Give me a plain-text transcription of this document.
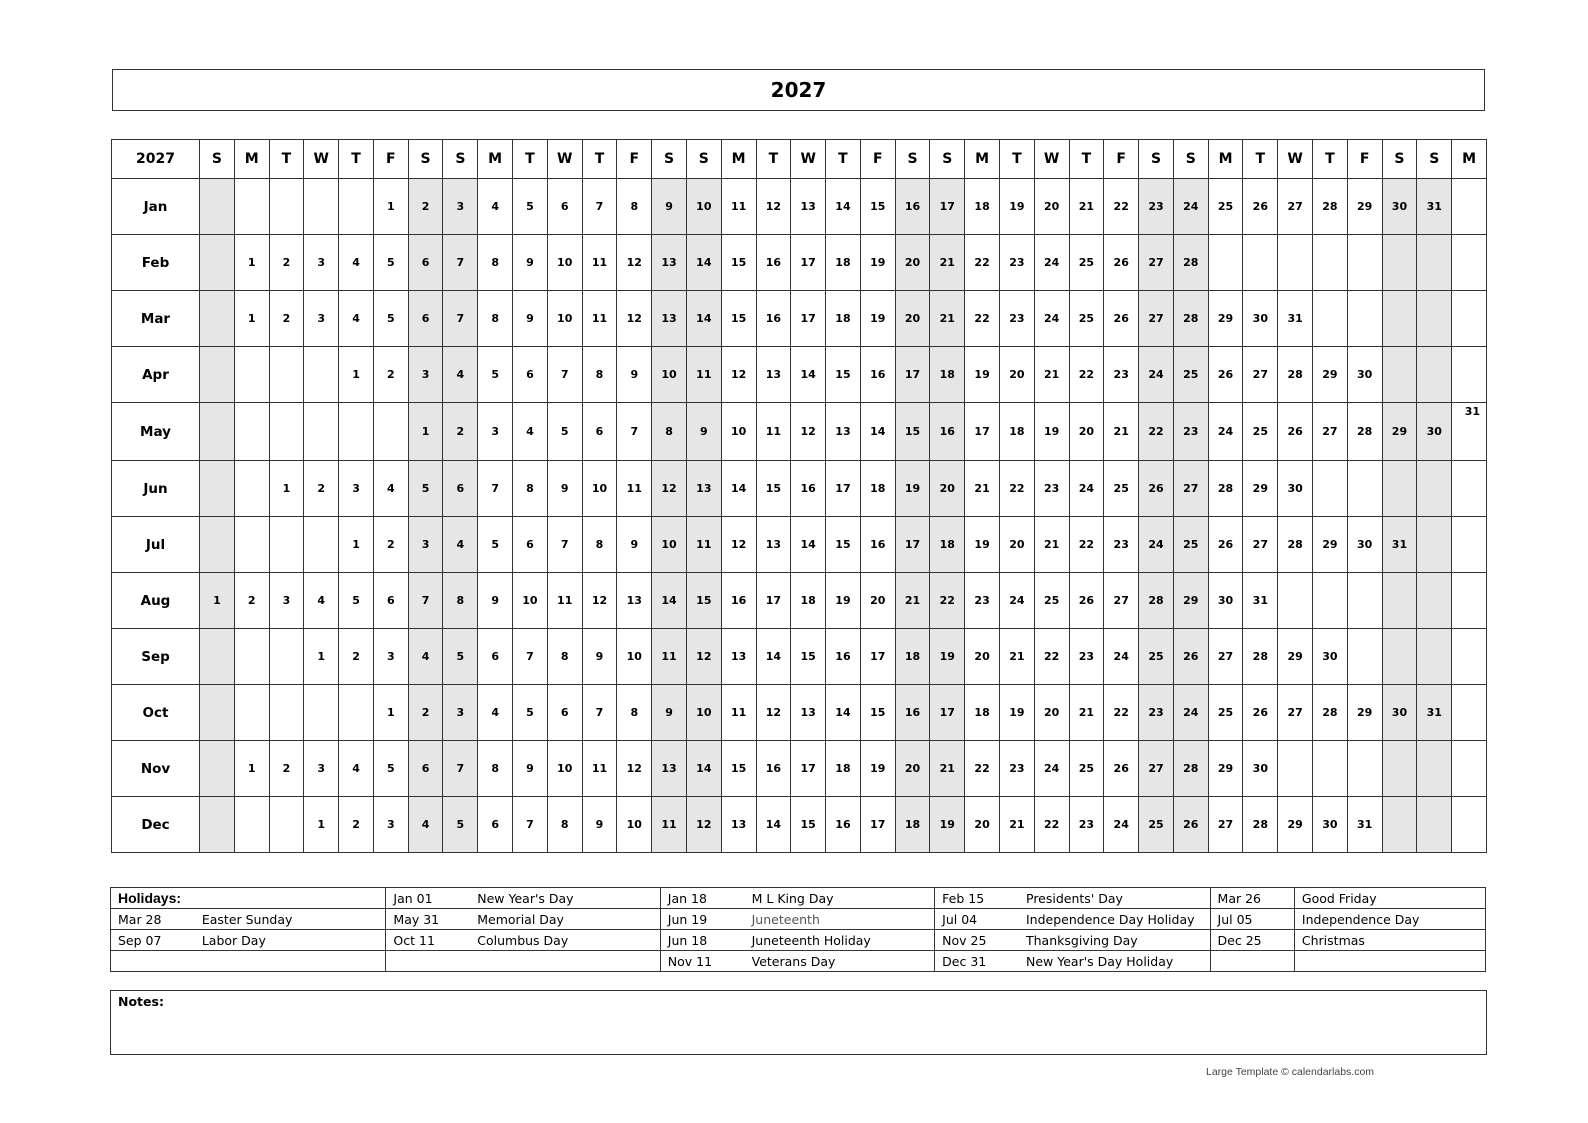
2027
2027	S	M	T	W	T	F	S	S	M	T	W	T	F	S	S	M	T	W	T	F	S	S	M	T	W	T	F	S	S	M	T	W	T	F	S	S	M
Jan						1	2	3	4	5	6	7	8	9	10	11	12	13	14	15	16	17	18	19	20	21	22	23	24	25	26	27	28	29	30	31	
Feb		1	2	3	4	5	6	7	8	9	10	11	12	13	14	15	16	17	18	19	20	21	22	23	24	25	26	27	28								
Mar		1	2	3	4	5	6	7	8	9	10	11	12	13	14	15	16	17	18	19	20	21	22	23	24	25	26	27	28	29	30	31					
Apr					1	2	3	4	5	6	7	8	9	10	11	12	13	14	15	16	17	18	19	20	21	22	23	24	25	26	27	28	29	30			
May							1	2	3	4	5	6	7	8	9	10	11	12	13	14	15	16	17	18	19	20	21	22	23	24	25	26	27	28	29	30	31
Jun			1	2	3	4	5	6	7	8	9	10	11	12	13	14	15	16	17	18	19	20	21	22	23	24	25	26	27	28	29	30					
Jul					1	2	3	4	5	6	7	8	9	10	11	12	13	14	15	16	17	18	19	20	21	22	23	24	25	26	27	28	29	30	31		
Aug	1	2	3	4	5	6	7	8	9	10	11	12	13	14	15	16	17	18	19	20	21	22	23	24	25	26	27	28	29	30	31						
Sep				1	2	3	4	5	6	7	8	9	10	11	12	13	14	15	16	17	18	19	20	21	22	23	24	25	26	27	28	29	30				
Oct						1	2	3	4	5	6	7	8	9	10	11	12	13	14	15	16	17	18	19	20	21	22	23	24	25	26	27	28	29	30	31	
Nov		1	2	3	4	5	6	7	8	9	10	11	12	13	14	15	16	17	18	19	20	21	22	23	24	25	26	27	28	29	30						
Dec				1	2	3	4	5	6	7	8	9	10	11	12	13	14	15	16	17	18	19	20	21	22	23	24	25	26	27	28	29	30	31			
Holidays:		Jan 01	New Year's Day	Jan 18	M L King Day	Feb 15	Presidents' Day	Mar 26	Good Friday
Mar 28	Easter Sunday	May 31	Memorial Day	Jun 19	Juneteenth	Jul 04	Independence Day Holiday	Jul 05	Independence Day
Sep 07	Labor Day	Oct 11	Columbus Day	Jun 18	Juneteenth Holiday	Nov 25	Thanksgiving Day	Dec 25	Christmas
				Nov 11	Veterans Day	Dec 31	New Year's Day Holiday		
Notes:
Large Template © calendarlabs.com
